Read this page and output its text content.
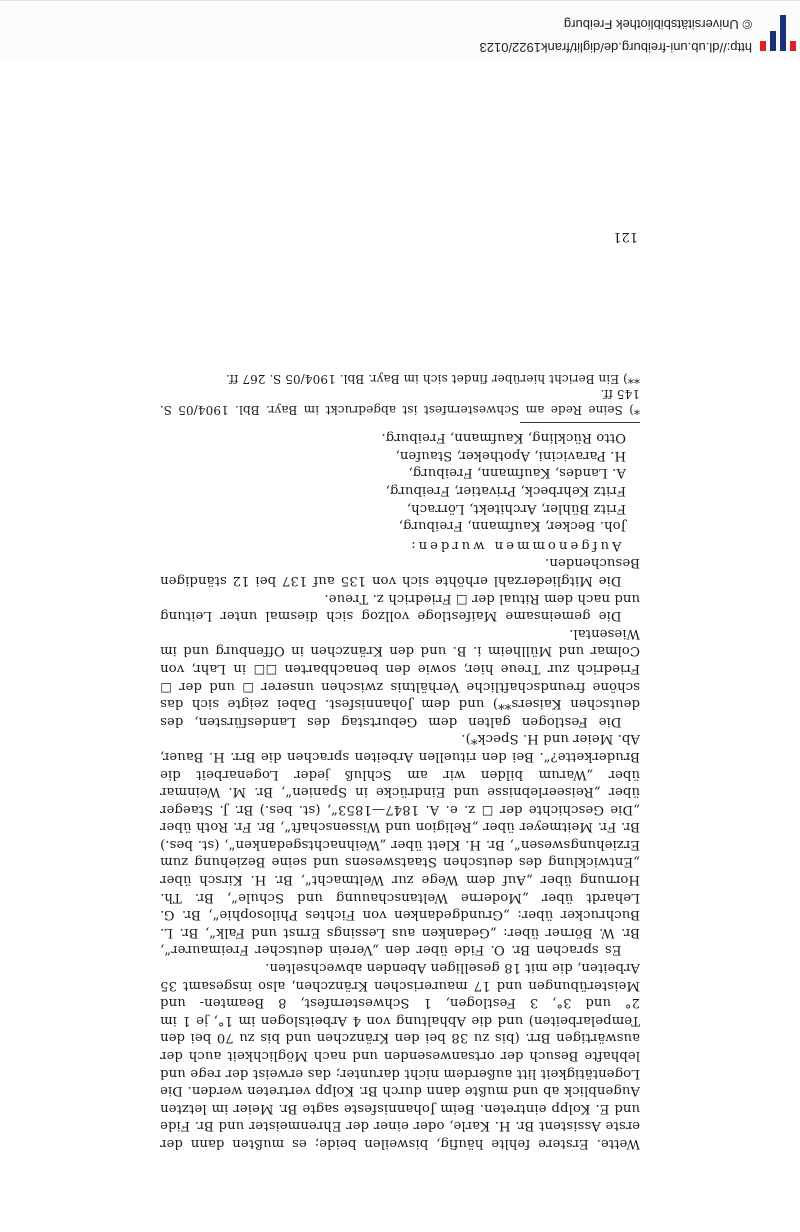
http://dl.ub.uni-freiburg.de/diglit/frank1922/0123
© Universitätsbibliothek Freiburg

Wette. Erstere fehlte häufig, bisweilen beide; es mußten dann der erste Assistent Br. H. Karle, oder einer der Ehrenmeister und Br. Fide und E. Kolpp eintreten. Beim Johannisfeste sagte Br. Meier im letzten Augenblick ab und mußte dann durch Br. Kolpp vertreten werden. Die Logentätigkeit litt außerdem nicht darunter; das erweist der rege und lebhafte Besuch der ortsanwesenden und nach Möglichkeit auch der auswärtigen Brr. (bis zu 38 bei den Kränzchen und bis zu 70 bei den Tempelarbeiten) und die Abhaltung von 4 Arbeitslogen im 1°, je 1 im 2° und 3°, 3 Festlogen, 1 Schwesternfest, 8 Beamten- und Meisterübungen und 17 maurerischen Kränzchen, also insgesamt 35 Arbeiten, die mit 18 geselligen Abenden abwechselten.

Es sprachen Br. O. Fide über den „Verein deutscher Freimaurer“, Br. W. Börner über: „Gedanken aus Lessings Ernst und Falk“, Br. L. Buchrucker über: „Grundgedanken von Fichtes Philosophie“, Br. G. Lehardt über „Moderne Weltanschauung und Schule“, Br. Th. Hornung über „Auf dem Wege zur Weltmacht“, Br. H. Kirsch über „Entwicklung des deutschen Staatswesens und seine Beziehung zum Erziehungswesen“, Br. H. Klett über „Weihnachtsgedanken“, (st. bes.) Br. Fr. Meitmeyer über „Religion und Wissenschaft“, Br. Fr. Roth über „Die Geschichte der ☐ z. e. A. 1847—1853“, (st. bes.) Br. J. Staeger über „Reiseerlebnisse und Eindrücke in Spanien“, Br. M. Weinmar über „Warum bilden wir am Schluß jeder Logenarbeit die Bruderkette?“. Bei den rituellen Arbeiten sprachen die Brr. H. Bauer, Ab. Meier und H. Speck*).

Die Festlogen galten dem Geburtstag des Landesfürsten, des deutschen Kaisers**) und dem Johannisfest. Dabei zeigte sich das schöne freundschaftliche Verhältnis zwischen unserer ☐ und der ☐ Friedrich zur Treue hier, sowie den benachbarten ☐☐ in Lahr, von Colmar und Müllheim i. B. und den Kränzchen in Offenburg und im Wiesental.

Die gemeinsame Maifestloge vollzog sich diesmal unter Leitung und nach dem Ritual der ☐ Friedrich z. Treue.

Die Mitgliederzahl erhöhte sich von 135 auf 137 bei 12 ständigen Besuchenden.

Aufgenommen wurden:

Joh. Becker, Kaufmann, Freiburg,
Fritz Bühler, Architekt, Lörrach,
Fritz Kehrbeck, Privatier, Freiburg,
A. Landes, Kaufmann, Freiburg,
H. Paravicini, Apotheker, Staufen,
Otto Rückling, Kaufmann, Freiburg.
*) Seine Rede am Schwesternfest ist abgedruckt im Bayr. Bbl. 1904/05 S. 145 ff.
**) Ein Bericht hierüber findet sich im Bayr. Bbl. 1904/05 S. 267 ff.
121
